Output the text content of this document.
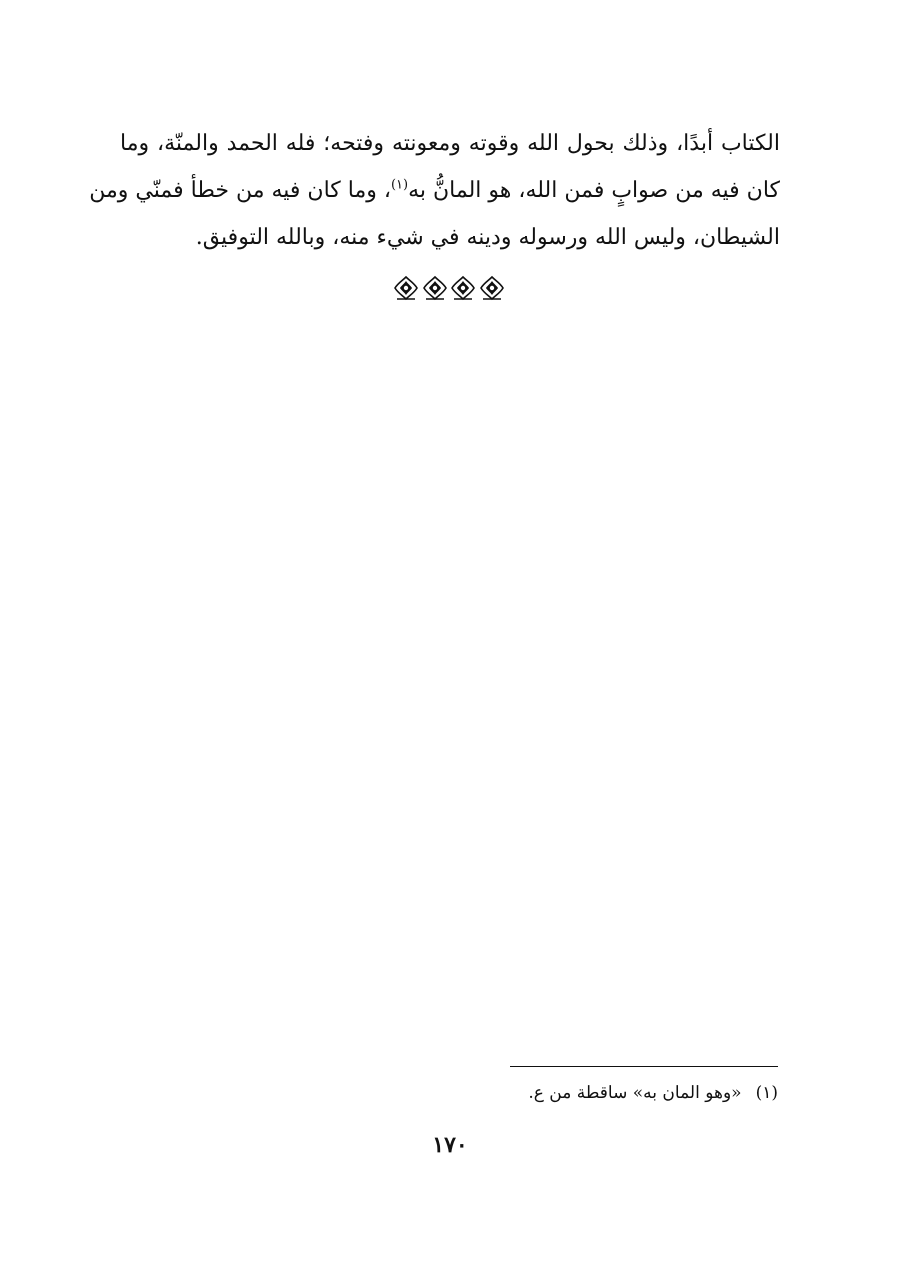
الكتاب أبدًا، وذلك بحول الله وقوته ومعونته وفتحه؛ فله الحمد والمنّة، وما
كان فيه من صوابٍ فمن الله، هو المانُّ به$^{(١)}$، وما كان فيه من خطأ فمنّي ومن
الشيطان، وليس الله ورسوله ودينه في شيء منه، وبالله التوفيق.
(١)«وهو المان به» ساقطة من ع.
١٧٠
